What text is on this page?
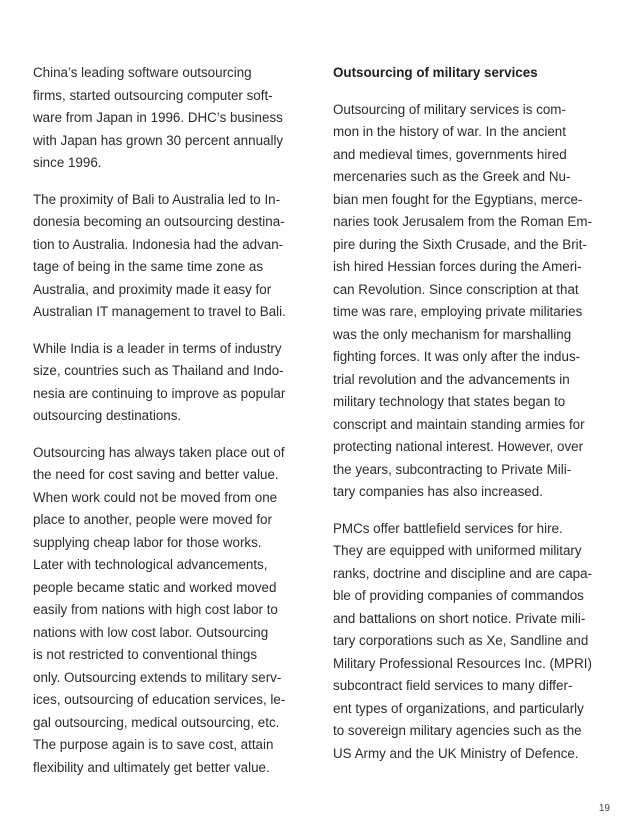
China’s leading software outsourcing
firms, started outsourcing computer soft-
ware from Japan in 1996. DHC’s business
with Japan has grown 30 percent annually
since 1996.

The proximity of Bali to Australia led to In-
donesia becoming an outsourcing destina-
tion to Australia. Indonesia had the advan-
tage of being in the same time zone as
Australia, and proximity made it easy for
Australian IT management to travel to Bali.

While India is a leader in terms of industry
size, countries such as Thailand and Indo-
nesia are continuing to improve as popular
outsourcing destinations.

Outsourcing has always taken place out of
the need for cost saving and better value.
When work could not be moved from one
place to another, people were moved for
supplying cheap labor for those works.
Later with technological advancements,
people became static and worked moved
easily from nations with high cost labor to
nations with low cost labor. Outsourcing
is not restricted to conventional things
only. Outsourcing extends to military serv-
ices, outsourcing of education services, le-
gal outsourcing, medical outsourcing, etc.
The purpose again is to save cost, attain
flexibility and ultimately get better value.

Outsourcing of military services

Outsourcing of military services is com-
mon in the history of war. In the ancient
and medieval times, governments hired
mercenaries such as the Greek and Nu-
bian men fought for the Egyptians, merce-
naries took Jerusalem from the Roman Em-
pire during the Sixth Crusade, and the Brit-
ish hired Hessian forces during the Ameri-
can Revolution. Since conscription at that
time was rare, employing private militaries
was the only mechanism for marshalling
fighting forces. It was only after the indus-
trial revolution and the advancements in
military technology that states began to
conscript and maintain standing armies for
protecting national interest. However, over
the years, subcontracting to Private Mili-
tary companies has also increased.

PMCs offer battlefield services for hire.
They are equipped with uniformed military
ranks, doctrine and discipline and are capa-
ble of providing companies of commandos
and battalions on short notice. Private mili-
tary corporations such as Xe, Sandline and
Military Professional Resources Inc. (MPRI)
subcontract field services to many differ-
ent types of organizations, and particularly
to sovereign military agencies such as the
US Army and the UK Ministry of Defence.

19
